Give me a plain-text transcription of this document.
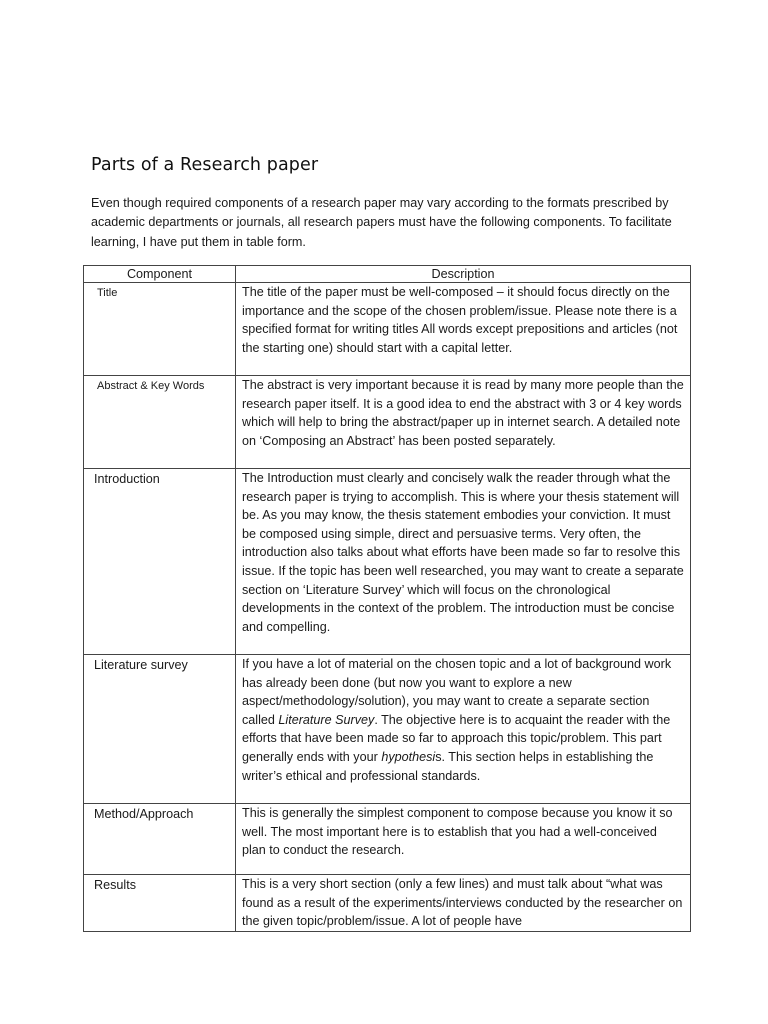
Parts of a Research paper

Even though required components of a research paper may vary according to the formats prescribed by academic departments or journals, all research papers must have the following components. To facilitate learning, I have put them in table form.

Component	Description
Title	The title of the paper must be well-composed – it should focus directly on the importance and the scope of the chosen problem/issue. Please note there is a specified format for writing titles All words except prepositions and articles (not the starting one) should start with a capital letter.
Abstract & Key Words	The abstract is very important because it is read by many more people than the research paper itself. It is a good idea to end the abstract with 3 or 4 key words which will help to bring the abstract/paper up in internet search. A detailed note on ‘Composing an Abstract’ has been posted separately.
Introduction	The Introduction must clearly and concisely walk the reader through what the research paper is trying to accomplish. This is where your thesis statement will be. As you may know, the thesis statement embodies your conviction. It must be composed using simple, direct and persuasive terms. Very often, the introduction also talks about what efforts have been made so far to resolve this issue. If the topic has been well researched, you may want to create a separate section on ‘Literature Survey’ which will focus on the chronological developments in the context of the problem. The introduction must be concise and compelling.
Literature survey	If you have a lot of material on the chosen topic and a lot of background work has already been done (but now you want to explore a new aspect/methodology/solution), you may want to create a separate section called Literature Survey. The objective here is to acquaint the reader with the efforts that have been made so far to approach this topic/problem. This part generally ends with your hypothesis. This section helps in establishing the writer’s ethical and professional standards.
Method/Approach	This is generally the simplest component to compose because you know it so well. The most important here is to establish that you had a well-conceived plan to conduct the research.
Results	This is a very short section (only a few lines) and must talk about “what was found as a result of the experiments/interviews conducted by the researcher on the given topic/problem/issue. A lot of people have
